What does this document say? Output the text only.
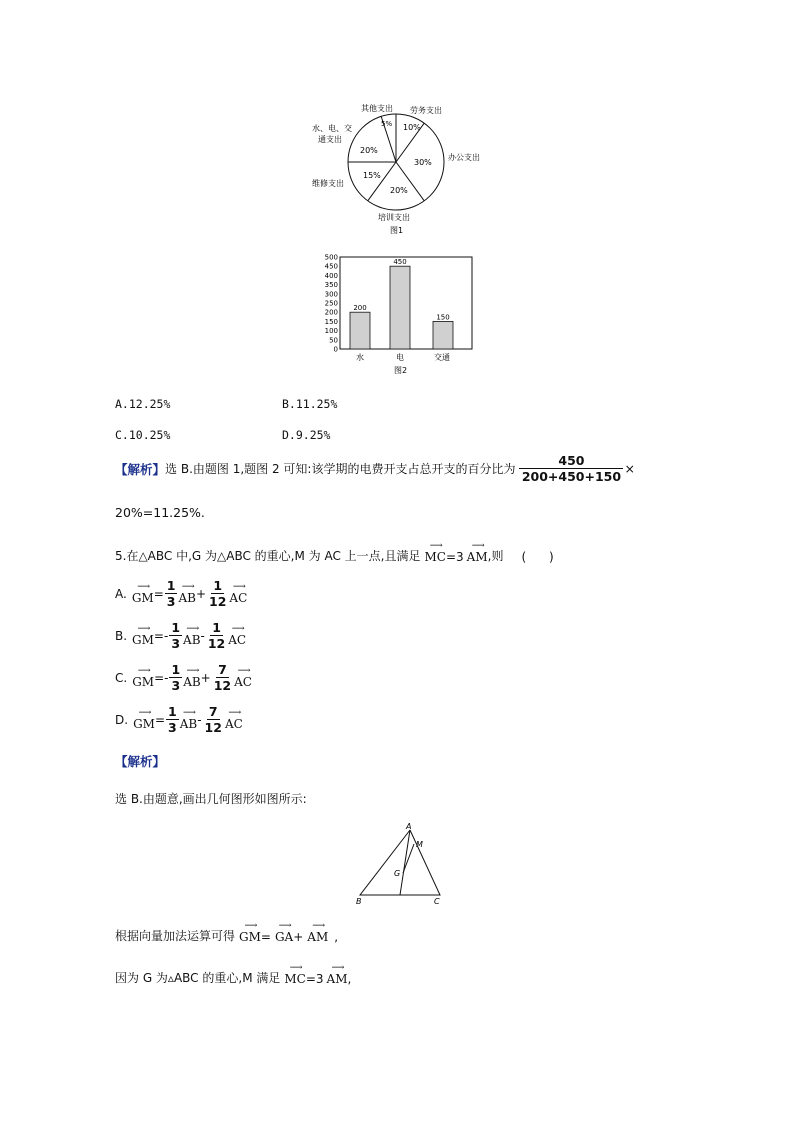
10%
30%
20%
15%
20%
5%
其他支出 劳务支出
办公支出
培训支出
维修支出
水、电、交
通支出
图1
0
50
100
150
200
250
300
350
400
450
500
200
450
150
水	电	交通
图2
A.12.25%	B.11.25%
C.10.25%	D.9.25%
【解析】 选 B.由题图 1,题图 2 可知:该学期的电费开支占总开支的百分比为 $\frac{450}{200+450+150}$ ×
20%=11.25%.
5.在△ABC 中,G 为△ABC 的重心,M 为 AC 上一点,且满足
⟶
MC =3
⟶
AM ,则 (      )
A.	⟶
GM = $\frac{1}{3}$ ⟶
AB + $\frac{1}{12}$ ⟶
AC
B.	⟶
GM = - $\frac{1}{3}$ ⟶
AB - $\frac{1}{12}$ ⟶
AC
C.	⟶
GM = - $\frac{1}{3}$ ⟶
AB + $\frac{7}{12}$ ⟶
AC
D.	⟶
GM = $\frac{1}{3}$ ⟶
AB - $\frac{7}{12}$ ⟶
AC
【解析】
选 B.由题意,画出几何图形如图所示:
A
M
G
B	C
根据向量加法运算可得
⟶
GM =
⟶
GA +
⟶
AM ,
因为 G 为▵ABC 的重心,M 满足
⟶
MC =3
⟶
AM ,
